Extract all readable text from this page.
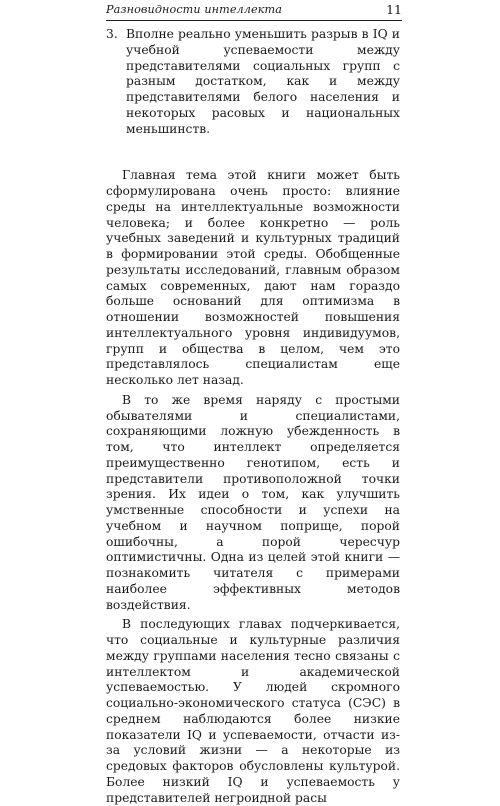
Разновидности интеллекта	11
3. Вполне реально уменьшить разрыв в IQ и учебной успеваемости между представителями социальных групп с разным достатком, как и между представителями белого населения и некоторых расовых и национальных меньшинств.

Главная тема этой книги может быть сформулирована очень просто: влияние среды на интеллектуальные возможности человека; и более конкретно — роль учебных заведений и культурных традиций в формировании этой среды. Обобщенные результаты исследований, главным образом самых современных, дают нам гораздо больше оснований для оптимизма в отношении возможностей повышения интеллектуального уровня индивидуумов, групп и общества в целом, чем это представлялось специалистам еще несколько лет назад.

В то же время наряду с простыми обывателями и специалистами, сохраняющими ложную убежденность в том, что интеллект определяется преимущественно генотипом, есть и представители противоположной точки зрения. Их идеи о том, как улучшить умственные способности и успехи на учебном и научном поприще, порой ошибочны, а порой чересчур оптимистичны. Одна из целей этой книги — познакомить читателя с примерами наиболее эффективных методов воздействия.

В последующих главах подчеркивается, что социальные и культурные различия между группами населения тесно связаны с интеллектом и академической успеваемостью. У людей скромного социально-экономического статуса (СЭС) в среднем наблюдаются более низкие показатели IQ и успеваемости, отчасти из-за условий жизни — а некоторые из средовых факторов обусловлены культурой. Более низкий IQ и успеваемость у представителей негроидной расы
